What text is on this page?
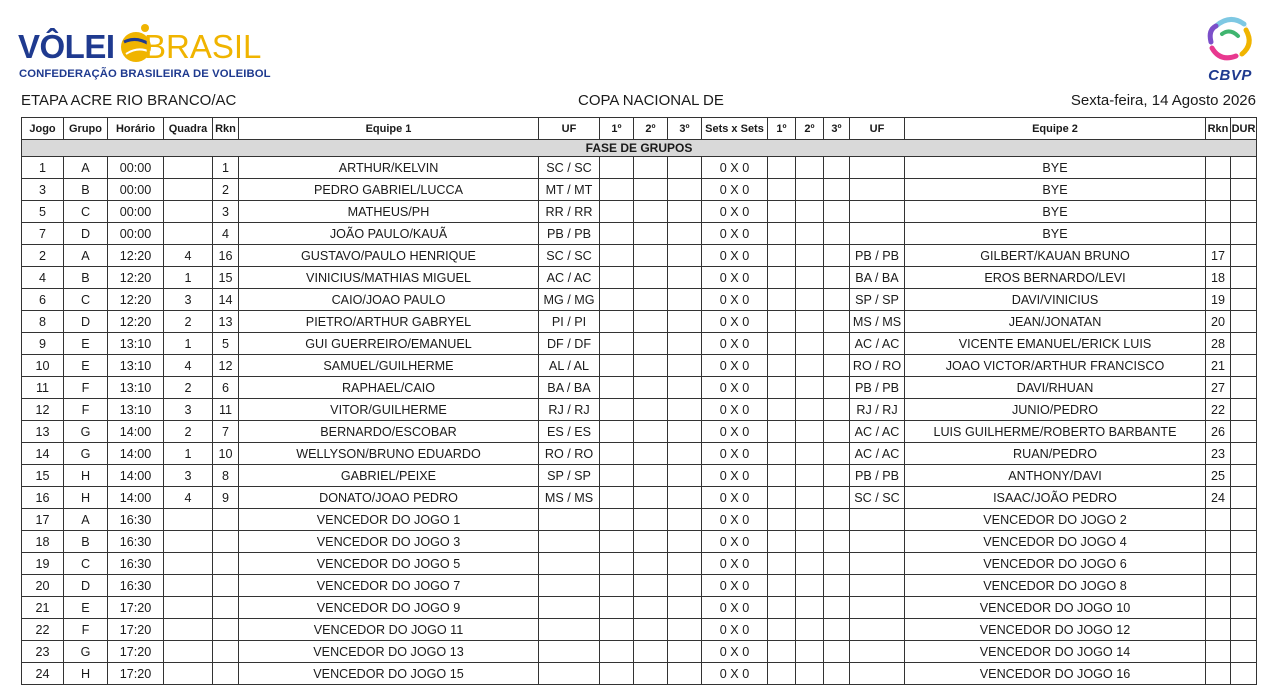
VÔLEI BRASIL
CONFEDERAÇÃO BRASILEIRA DE VOLEIBOL	CBVP
ETAPA ACRE RIO BRANCO/AC	COPA NACIONAL DE	Sexta-feira, 14 Agosto 2026
Jogo	Grupo	Horário	Quadra	Rkn	Equipe 1	UF	1º	2º	3º	Sets x Sets	1º	2º	3º	UF	Equipe 2	Rkn	DUR
FASE DE GRUPOS																	
1	A	00:00		1	ARTHUR/KELVIN	SC / SC				0 X 0					BYE		
3	B	00:00		2	PEDRO GABRIEL/LUCCA	MT / MT				0 X 0					BYE		
5	C	00:00		3	MATHEUS/PH	RR / RR				0 X 0					BYE		
7	D	00:00		4	JOÃO PAULO/KAUÃ	PB / PB				0 X 0					BYE		
2	A	12:20	4	16	GUSTAVO/PAULO HENRIQUE	SC / SC				0 X 0				PB / PB	GILBERT/KAUAN BRUNO	17	
4	B	12:20	1	15	VINICIUS/MATHIAS MIGUEL	AC / AC				0 X 0				BA / BA	EROS BERNARDO/LEVI	18	
6	C	12:20	3	14	CAIO/JOAO PAULO	MG / MG				0 X 0				SP / SP	DAVI/VINICIUS	19	
8	D	12:20	2	13	PIETRO/ARTHUR GABRYEL	PI / PI				0 X 0				MS / MS	JEAN/JONATAN	20	
9	E	13:10	1	5	GUI GUERREIRO/EMANUEL	DF / DF				0 X 0				AC / AC	VICENTE EMANUEL/ERICK LUIS	28	
10	E	13:10	4	12	SAMUEL/GUILHERME	AL / AL				0 X 0				RO / RO	JOAO VICTOR/ARTHUR FRANCISCO	21	
11	F	13:10	2	6	RAPHAEL/CAIO	BA / BA				0 X 0				PB / PB	DAVI/RHUAN	27	
12	F	13:10	3	11	VITOR/GUILHERME	RJ / RJ				0 X 0				RJ / RJ	JUNIO/PEDRO	22	
13	G	14:00	2	7	BERNARDO/ESCOBAR	ES / ES				0 X 0				AC / AC	LUIS GUILHERME/ROBERTO BARBANTE	26	
14	G	14:00	1	10	WELLYSON/BRUNO EDUARDO	RO / RO				0 X 0				AC / AC	RUAN/PEDRO	23	
15	H	14:00	3	8	GABRIEL/PEIXE	SP / SP				0 X 0				PB / PB	ANTHONY/DAVI	25	
16	H	14:00	4	9	DONATO/JOAO PEDRO	MS / MS				0 X 0				SC / SC	ISAAC/JOÃO PEDRO	24	
17	A	16:30			VENCEDOR DO JOGO 1					0 X 0					VENCEDOR DO JOGO 2		
18	B	16:30			VENCEDOR DO JOGO 3					0 X 0					VENCEDOR DO JOGO 4		
19	C	16:30			VENCEDOR DO JOGO 5					0 X 0					VENCEDOR DO JOGO 6		
20	D	16:30			VENCEDOR DO JOGO 7					0 X 0					VENCEDOR DO JOGO 8		
21	E	17:20			VENCEDOR DO JOGO 9					0 X 0					VENCEDOR DO JOGO 10		
22	F	17:20			VENCEDOR DO JOGO 11					0 X 0					VENCEDOR DO JOGO 12		
23	G	17:20			VENCEDOR DO JOGO 13					0 X 0					VENCEDOR DO JOGO 14		
24	H	17:20			VENCEDOR DO JOGO 15					0 X 0					VENCEDOR DO JOGO 16		
